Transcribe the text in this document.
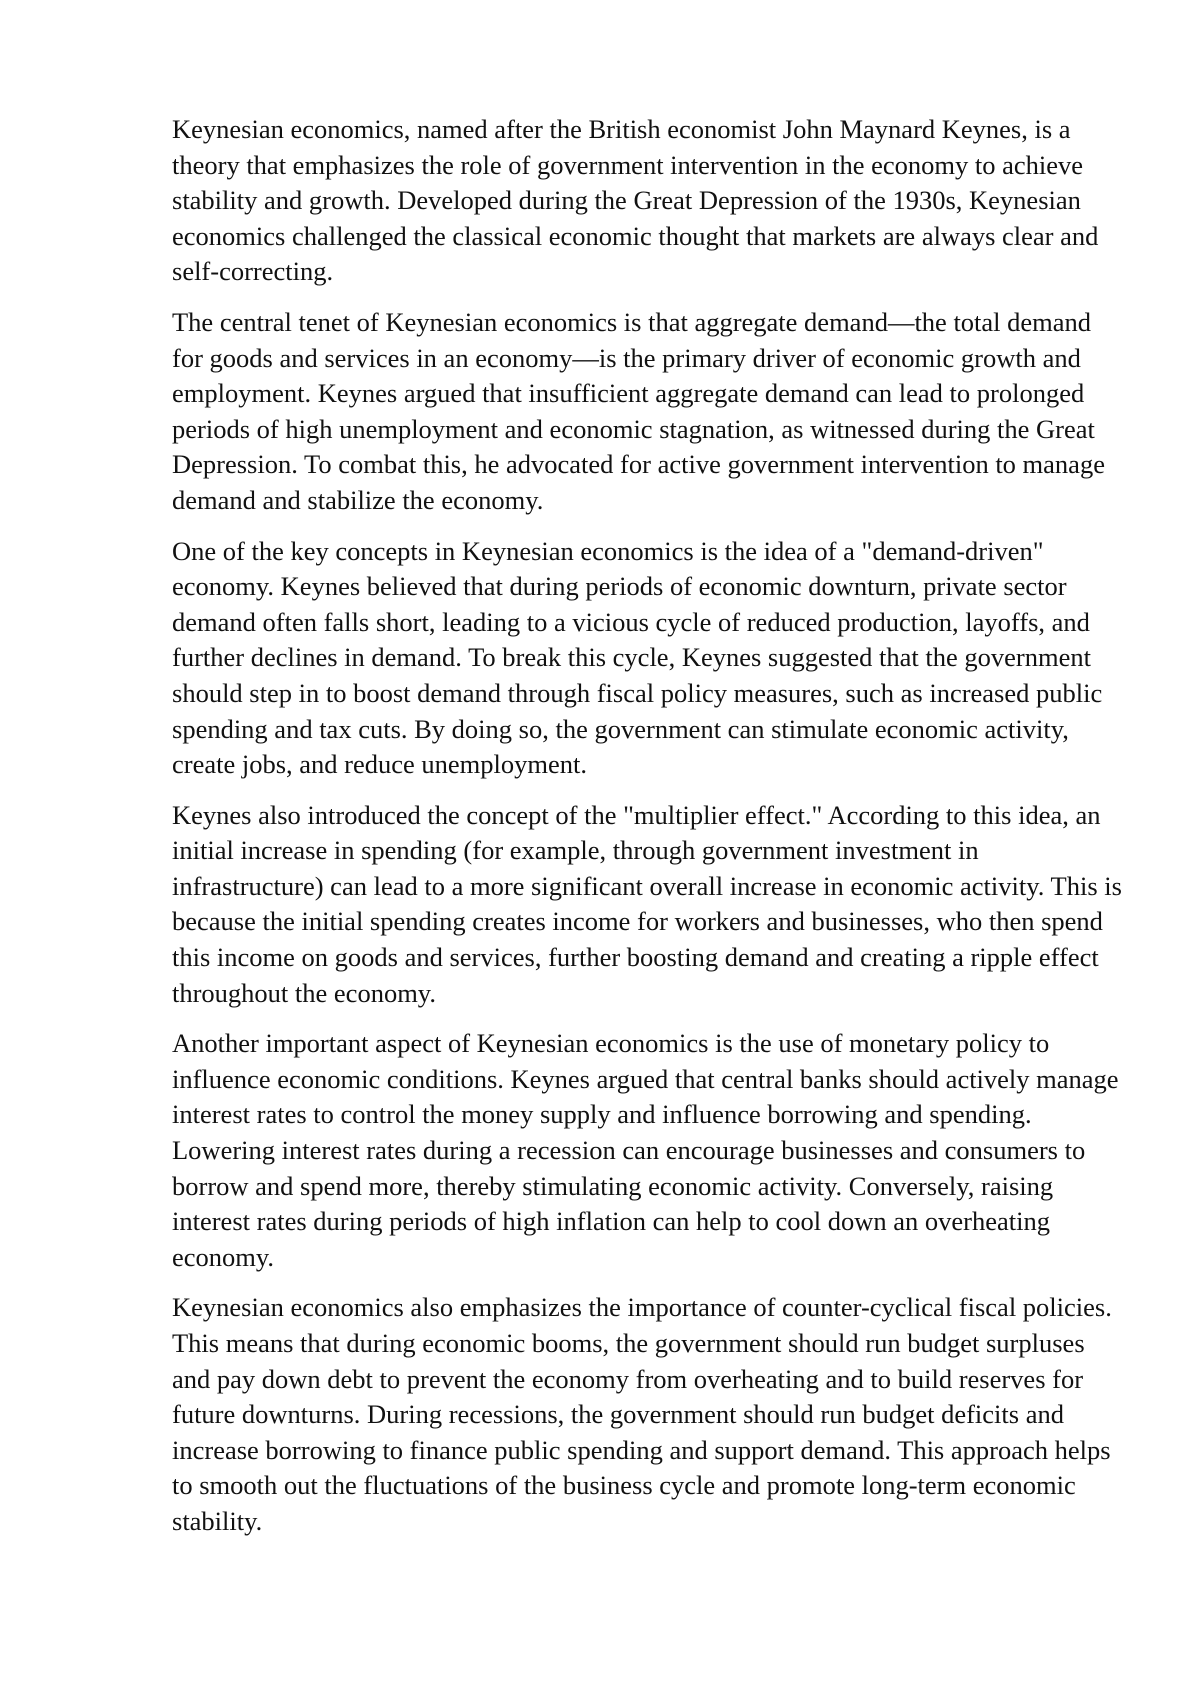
Keynesian economics, named after the British economist John Maynard Keynes, is a theory that emphasizes the role of government intervention in the economy to achieve stability and growth. Developed during the Great Depression of the 1930s, Keynesian economics challenged the classical economic thought that markets are always clear and self-correcting.

The central tenet of Keynesian economics is that aggregate demand—the total demand for goods and services in an economy—is the primary driver of economic growth and employment. Keynes argued that insufficient aggregate demand can lead to prolonged periods of high unemployment and economic stagnation, as witnessed during the Great Depression. To combat this, he advocated for active government intervention to manage demand and stabilize the economy.

One of the key concepts in Keynesian economics is the idea of a "demand-driven" economy. Keynes believed that during periods of economic downturn, private sector demand often falls short, leading to a vicious cycle of reduced production, layoffs, and further declines in demand. To break this cycle, Keynes suggested that the government should step in to boost demand through fiscal policy measures, such as increased public spending and tax cuts. By doing so, the government can stimulate economic activity, create jobs, and reduce unemployment.

Keynes also introduced the concept of the "multiplier effect." According to this idea, an initial increase in spending (for example, through government investment in infrastructure) can lead to a more significant overall increase in economic activity. This is because the initial spending creates income for workers and businesses, who then spend this income on goods and services, further boosting demand and creating a ripple effect throughout the economy.

Another important aspect of Keynesian economics is the use of monetary policy to influence economic conditions. Keynes argued that central banks should actively manage interest rates to control the money supply and influence borrowing and spending. Lowering interest rates during a recession can encourage businesses and consumers to borrow and spend more, thereby stimulating economic activity. Conversely, raising interest rates during periods of high inflation can help to cool down an overheating economy.

Keynesian economics also emphasizes the importance of counter-cyclical fiscal policies. This means that during economic booms, the government should run budget surpluses and pay down debt to prevent the economy from overheating and to build reserves for future downturns. During recessions, the government should run budget deficits and increase borrowing to finance public spending and support demand. This approach helps to smooth out the fluctuations of the business cycle and promote long-term economic stability.
